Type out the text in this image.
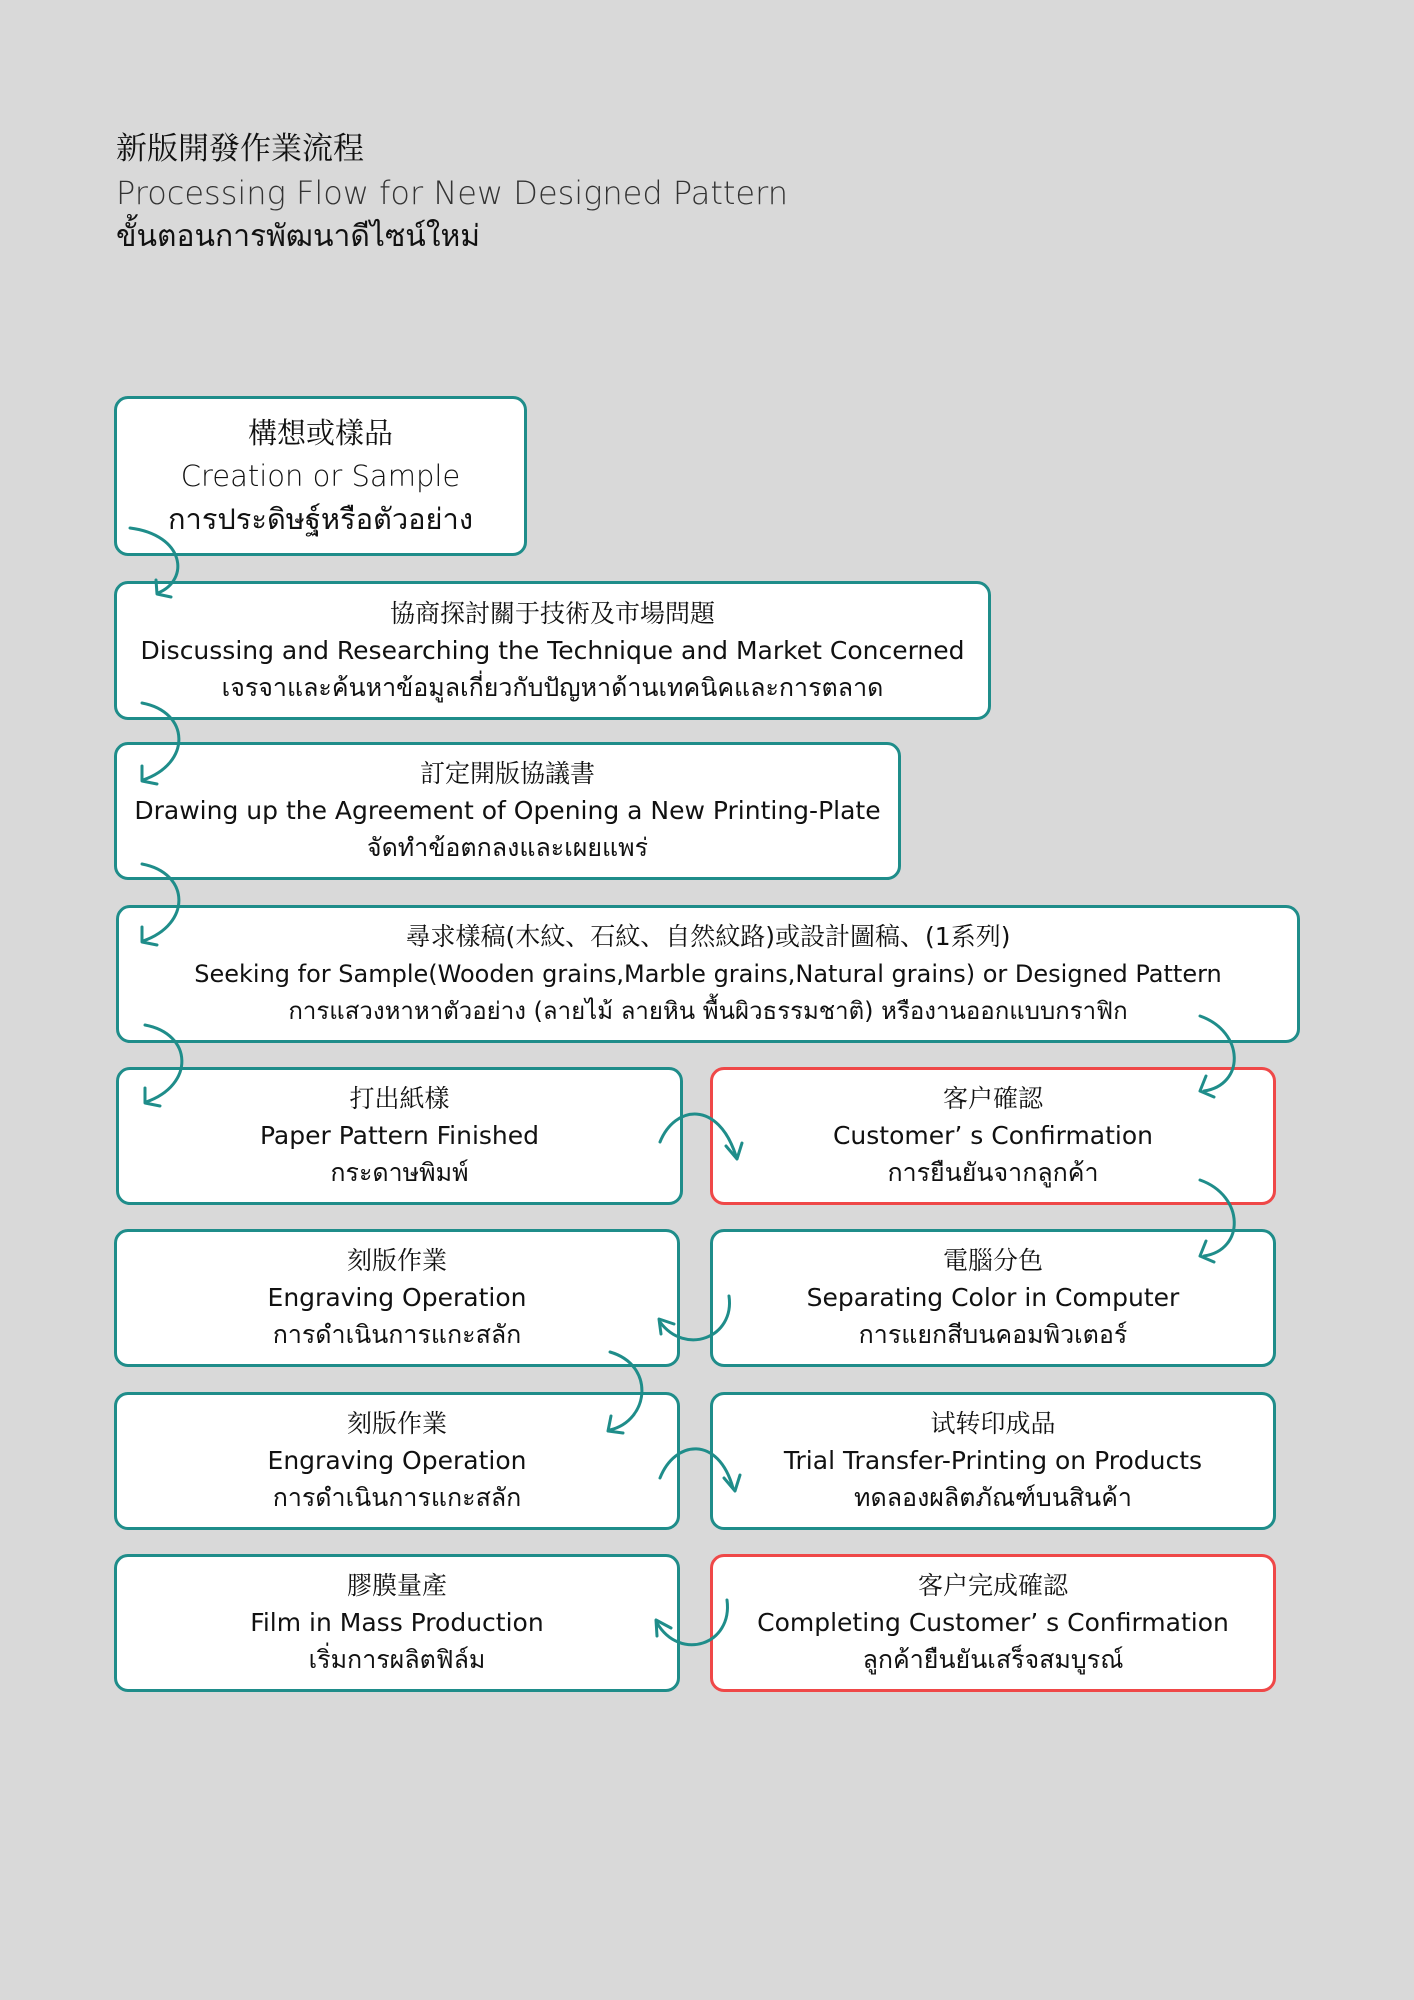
新版開發作業流程
Processing Flow for New Designed Pattern
ขั้นตอนการพัฒนาดีไซน์ใหม่
構想或樣品
Creation or Sample
การประดิษฐ์หรือตัวอย่าง
協商探討關于技術及市場問題
Discussing and Researching the Technique and Market Concerned
เจรจาและค้นหาข้อมูลเกี่ยวกับปัญหาด้านเทคนิคและการตลาด
訂定開版協議書
Drawing up the Agreement of Opening a New Printing-Plate
จัดทำข้อตกลงและเผยแพร่
尋求樣稿(木紋、石紋、自然紋路)或設計圖稿、(1系列)
Seeking for Sample(Wooden grains,Marble grains,Natural grains) or Designed Pattern
การแสวงหาหาตัวอย่าง (ลายไม้ ลายหิน พื้นผิวธรรมชาติ) หรืองานออกแบบกราฟิก
打出紙樣
Paper Pattern Finished
กระดาษพิมพ์
客户確認
Customer’ s Confirmation
การยืนยันจากลูกค้า
刻版作業
Engraving Operation
การดำเนินการแกะสลัก
電腦分色
Separating Color in Computer
การแยกสีบนคอมพิวเตอร์
刻版作業
Engraving Operation
การดำเนินการแกะสลัก
试转印成品
Trial Transfer-Printing on Products
ทดลองผลิตภัณฑ์บนสินค้า
膠膜量產
Film in Mass Production
เริ่มการผลิตฟิล์ม
客户完成確認
Completing Customer’ s Confirmation
ลูกค้ายืนยันเสร็จสมบูรณ์
